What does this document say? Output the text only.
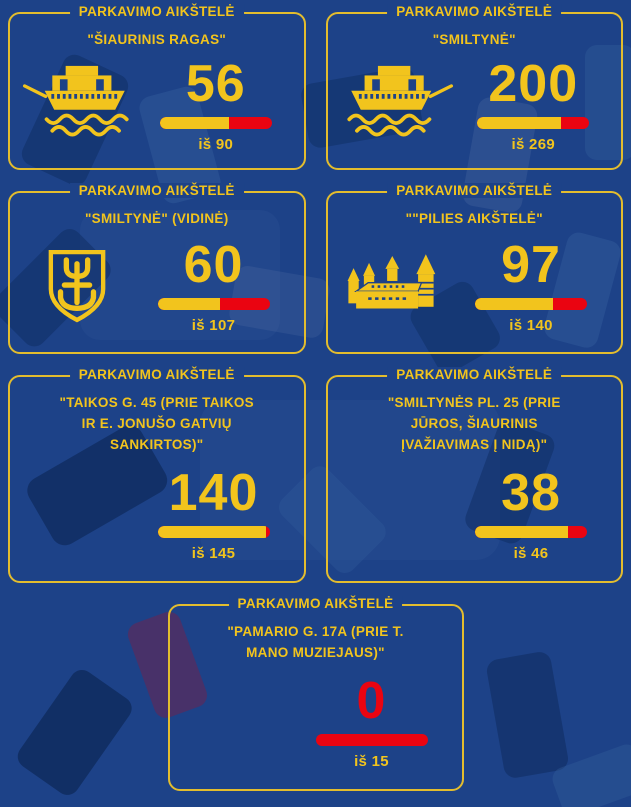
PARKAVIMO AIKŠTELĖ
"ŠIAURINIS RAGAS"
56
iš 90
PARKAVIMO AIKŠTELĖ
"SMILTYNĖ"
200
iš 269
PARKAVIMO AIKŠTELĖ
"SMILTYNĖ" (VIDINĖ)
60
iš 107
PARKAVIMO AIKŠTELĖ
""PILIES AIKŠTELĖ"
97
iš 140
PARKAVIMO AIKŠTELĖ
"TAIKOS G. 45 (PRIE TAIKOS IR E. JONUŠO GATVIŲ SANKIRTOS)"
140
iš 145
PARKAVIMO AIKŠTELĖ
"SMILTYNĖS PL. 25 (PRIE JŪROS, ŠIAURINIS ĮVAŽIAVIMAS Į NIDĄ)"
38
iš 46
PARKAVIMO AIKŠTELĖ
"PAMARIO G. 17A (PRIE T. MANO MUZIEJAUS)"
0
iš 15
